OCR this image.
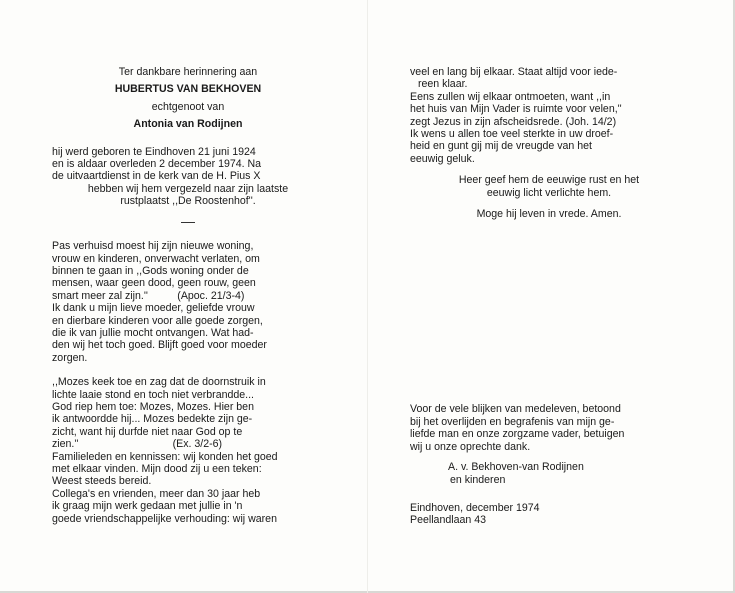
Ter dankbare herinnering aan

HUBERTUS VAN BEKHOVEN

echtgenoot van

Antonia van Rodijnen

hij werd geboren te Eindhoven 21 juni 1924

en is aldaar overleden 2 december 1974. Na

de uitvaartdienst in de kerk van de H. Pius X

hebben wij hem vergezeld naar zijn laatste

rustplaatst ,,De Roostenhof''.

Pas verhuisd moest hij zijn nieuwe woning,

vrouw en kinderen, onverwacht verlaten, om

binnen te gaan in ,,Gods woning onder de

mensen, waar geen dood, geen rouw, geen

smart meer zal zijn.''          (Apoc. 21/3-4)

Ik dank u mijn lieve moeder, geliefde vrouw

en dierbare kinderen voor alle goede zorgen,

die ik van jullie mocht ontvangen. Wat had-

den wij het toch goed. Blijft goed voor moeder

zorgen.

,,Mozes keek toe en zag dat de doornstruik in

lichte laaie stond en toch niet verbrandde...

God riep hem toe: Mozes, Mozes. Hier ben

ik antwoordde hij... Mozes bedekte zijn ge-

zicht, want hij durfde niet naar God op te

zien.''                                (Ex. 3/2-6)

Familieleden en kennissen: wij konden het goed

met elkaar vinden. Mijn dood zij u een teken:

Weest steeds bereid.

Collega's en vrienden, meer dan 30 jaar heb

ik graag mijn werk gedaan met jullie in 'n

goede vriendschappelijke verhouding: wij waren

veel en lang bij elkaar. Staat altijd voor iede-

reen klaar.

Eens zullen wij elkaar ontmoeten, want ,,in

het huis van Mijn Vader is ruimte voor velen,''

zegt Jezus in zijn afscheidsrede. (Joh. 14/2)

Ik wens u allen toe veel sterkte in uw droef-

heid en gunt gij mij de vreugde van het

eeuwig geluk.

Heer geef hem de eeuwige rust en het

eeuwig licht verlichte hem.

Moge hij leven in vrede. Amen.

Voor de vele blijken van medeleven, betoond

bij het overlijden en begrafenis van mijn ge-

liefde man en onze zorgzame vader, betuigen

wij u onze oprechte dank.

A. v. Bekhoven-van Rodijnen

en kinderen

Eindhoven, december 1974

Peellandlaan 43
